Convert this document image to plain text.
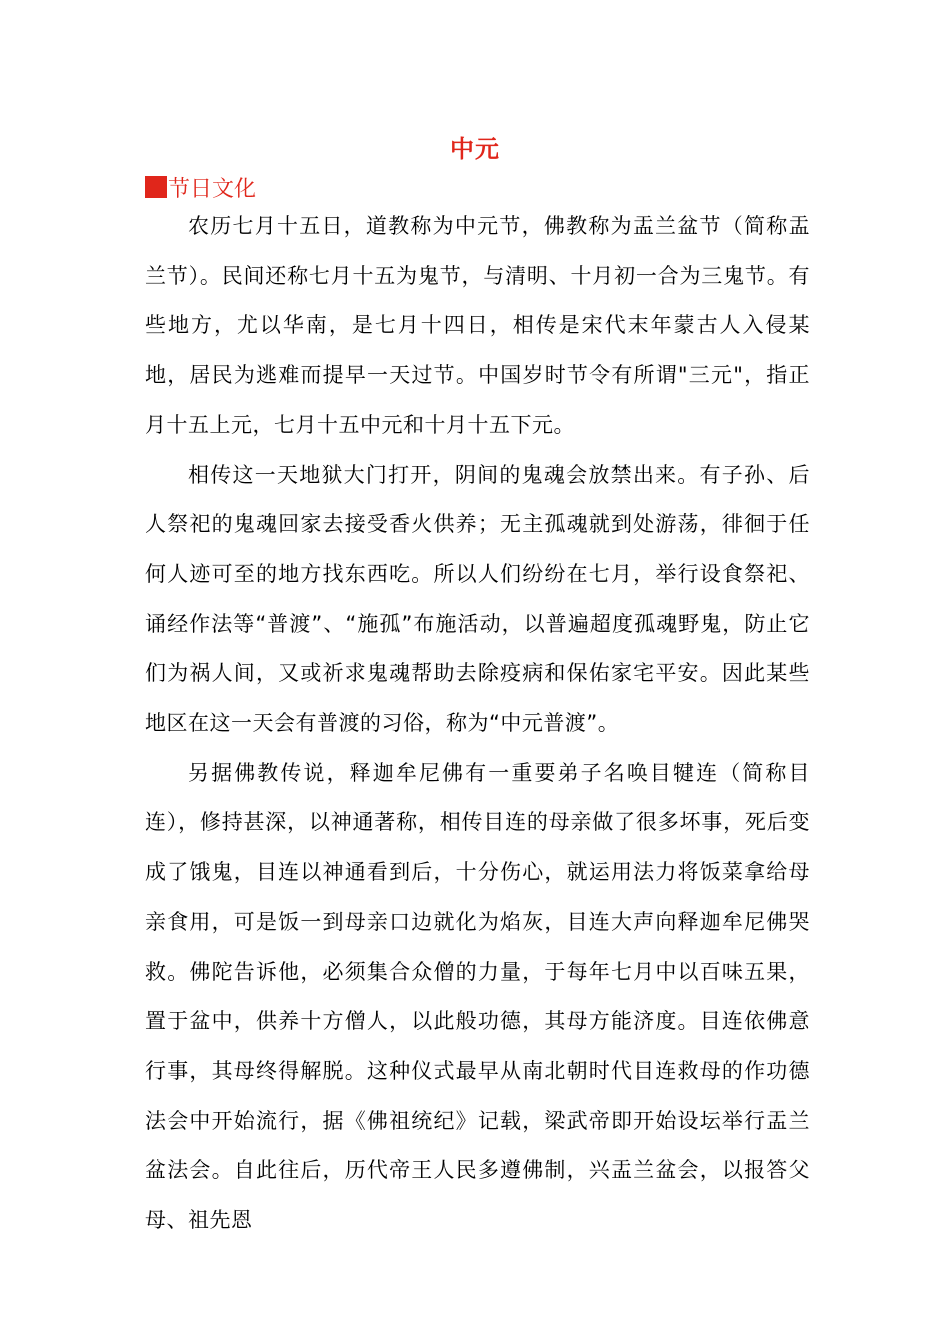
中元
节日文化

农历七月十五日，道教称为中元节，佛教称为盂兰盆节（简称盂兰节）。民间还称七月十五为鬼节，与清明、十月初一合为三鬼节。有些地方，尤以华南，是七月十四日，相传是宋代末年蒙古人入侵某地，居民为逃难而提早一天过节。中国岁时节令有所谓"三元"，指正月十五上元，七月十五中元和十月十五下元。

相传这一天地狱大门打开，阴间的鬼魂会放禁出来。有子孙、后人祭祀的鬼魂回家去接受香火供养；无主孤魂就到处游荡，徘徊于任何人迹可至的地方找东西吃。所以人们纷纷在七月，举行设食祭祀、诵经作法等“普渡”、“施孤”布施活动，以普遍超度孤魂野鬼，防止它们为祸人间，又或祈求鬼魂帮助去除疫病和保佑家宅平安。因此某些地区在这一天会有普渡的习俗，称为“中元普渡”。

另据佛教传说，释迦牟尼佛有一重要弟子名唤目犍连（简称目连），修持甚深，以神通著称，相传目连的母亲做了很多坏事，死后变成了饿鬼，目连以神通看到后，十分伤心，就运用法力将饭菜拿给母亲食用，可是饭一到母亲口边就化为焰灰，目连大声向释迦牟尼佛哭救。佛陀告诉他，必须集合众僧的力量，于每年七月中以百味五果，置于盆中，供养十方僧人，以此般功德，其母方能济度。目连依佛意行事，其母终得解脱。这种仪式最早从南北朝时代目连救母的作功德法会中开始流行，据《佛祖统纪》记载，梁武帝即开始设坛举行盂兰盆法会。自此往后，历代帝王人民多遵佛制，兴盂兰盆会，以报答父母、祖先恩
